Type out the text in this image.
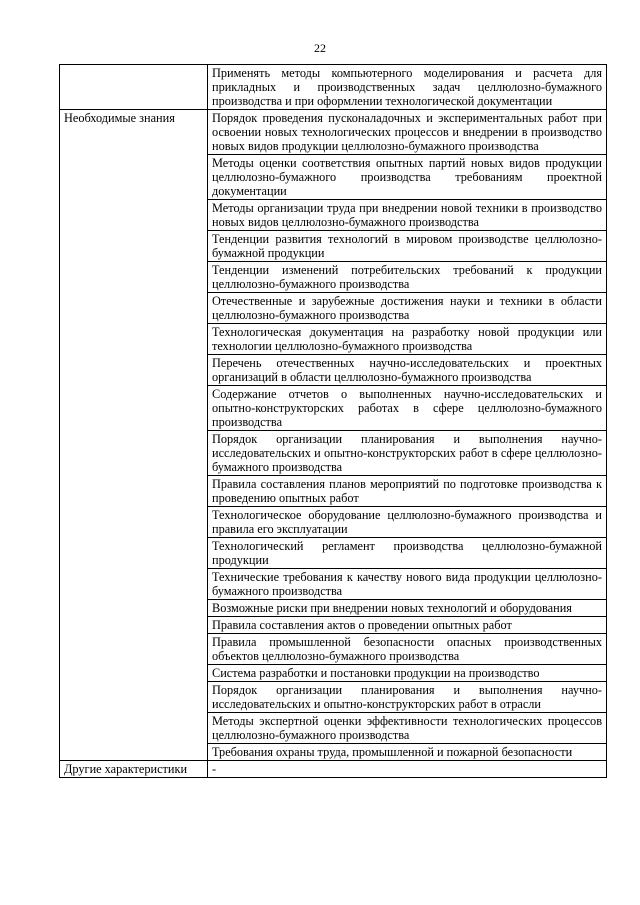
22
	Применять методы компьютерного моделирования и расчета для прикладных и производственных задач целлюлозно-бумажного производства и при оформлении технологической документации
Необходимые знания	Порядок проведения пусконаладочных и экспериментальных работ при освоении новых технологических процессов и внедрении в производство новых видов продукции целлюлозно-бумажного производства
	Методы оценки соответствия опытных партий новых видов продукции целлюлозно-бумажного производства требованиям проектной документации
	Методы организации труда при внедрении новой техники в производство новых видов целлюлозно-бумажного производства
	Тенденции развития технологий в мировом производстве целлюлозно-бумажной продукции
	Тенденции изменений потребительских требований к продукции целлюлозно-бумажного производства
	Отечественные и зарубежные достижения науки и техники в области целлюлозно-бумажного производства
	Технологическая документация на разработку новой продукции или технологии целлюлозно-бумажного производства
	Перечень отечественных научно-исследовательских и проектных организаций в области целлюлозно-бумажного производства
	Содержание отчетов о выполненных научно-исследовательских и опытно-конструкторских работах в сфере целлюлозно-бумажного производства
	Порядок организации планирования и выполнения научно-исследовательских и опытно-конструкторских работ в сфере целлюлозно-бумажного производства
	Правила составления планов мероприятий по подготовке производства к проведению опытных работ
	Технологическое оборудование целлюлозно-бумажного производства и правила его эксплуатации
	Технологический регламент производства целлюлозно-бумажной продукции
	Технические требования к качеству нового вида продукции целлюлозно-бумажного производства
	Возможные риски при внедрении новых технологий и оборудования
	Правила составления актов о проведении опытных работ
	Правила промышленной безопасности опасных производственных объектов целлюлозно-бумажного производства
	Система разработки и постановки продукции на производство
	Порядок организации планирования и выполнения научно-исследовательских и опытно-конструкторских работ в отрасли
	Методы экспертной оценки эффективности технологических процессов целлюлозно-бумажного производства
	Требования охраны труда, промышленной и пожарной безопасности
Другие характеристики	-
